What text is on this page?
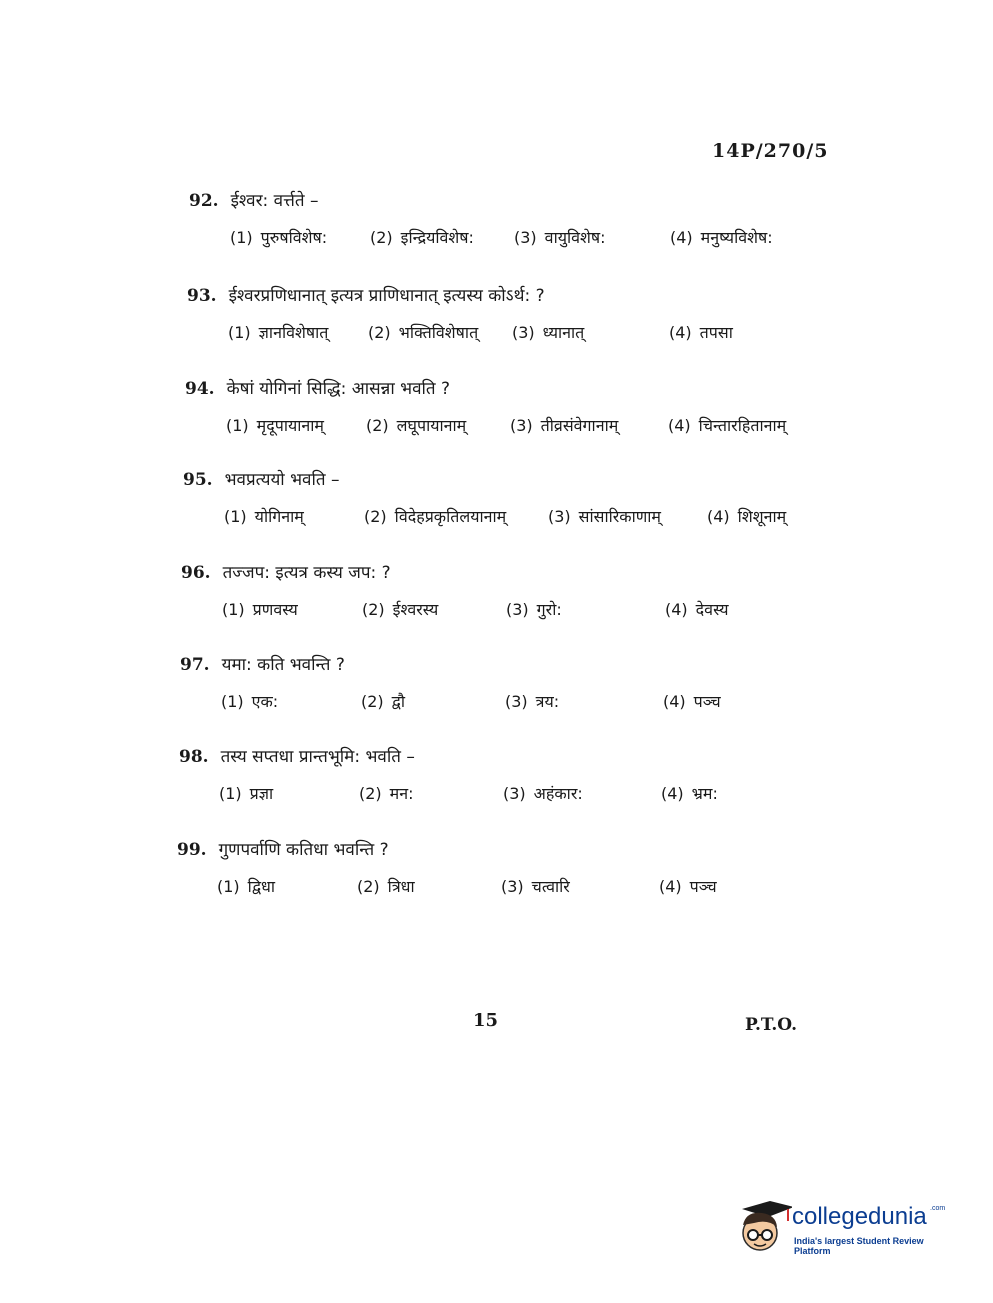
14P/270/5
92. ईश्वर: वर्त्तते –
(1) पुरुषविशेष:	(2) इन्द्रियविशेष:	(3) वायुविशेष:	(4) मनुष्यविशेष:
93. ईश्वरप्रणिधानात् इत्यत्र प्राणिधानात् इत्यस्य कोऽर्थ: ?
(1) ज्ञानविशेषात् (2) भक्तिविशेषात् (3) ध्यानात्	(4) तपसा
94. केषां योगिनां सिद्धि: आसन्ना भवति ?
(1) मृदूपायानाम्	(2) लघूपायानाम्	(3) तीव्रसंवेगानाम्	(4) चिन्तारहितानाम्
95. भवप्रत्ययो भवति –
(1) योगिनाम्	(2) विदेहप्रकृतिलयानाम्	(3) सांसारिकाणाम्	(4) शिशूनाम्
96. तज्जप: इत्यत्र कस्य जप: ?
(1) प्रणवस्य	(2) ईश्वरस्य	(3) गुरो:	(4) देवस्य
97. यमा: कति भवन्ति ?
(1) एक:	(2) द्वौ	(3) त्रय:	(4) पञ्च
98. तस्य सप्तधा प्रान्तभूमि: भवति –
(1) प्रज्ञा	(2) मन:	(3) अहंकार:	(4) भ्रम:
99. गुणपर्वाणि कतिधा भवन्ति ?
(1) द्विधा	(2) त्रिधा	(3) चत्वारि	(4) पञ्च
15	P.T.O.
collegedunia .com
India's largest Student Review Platform
